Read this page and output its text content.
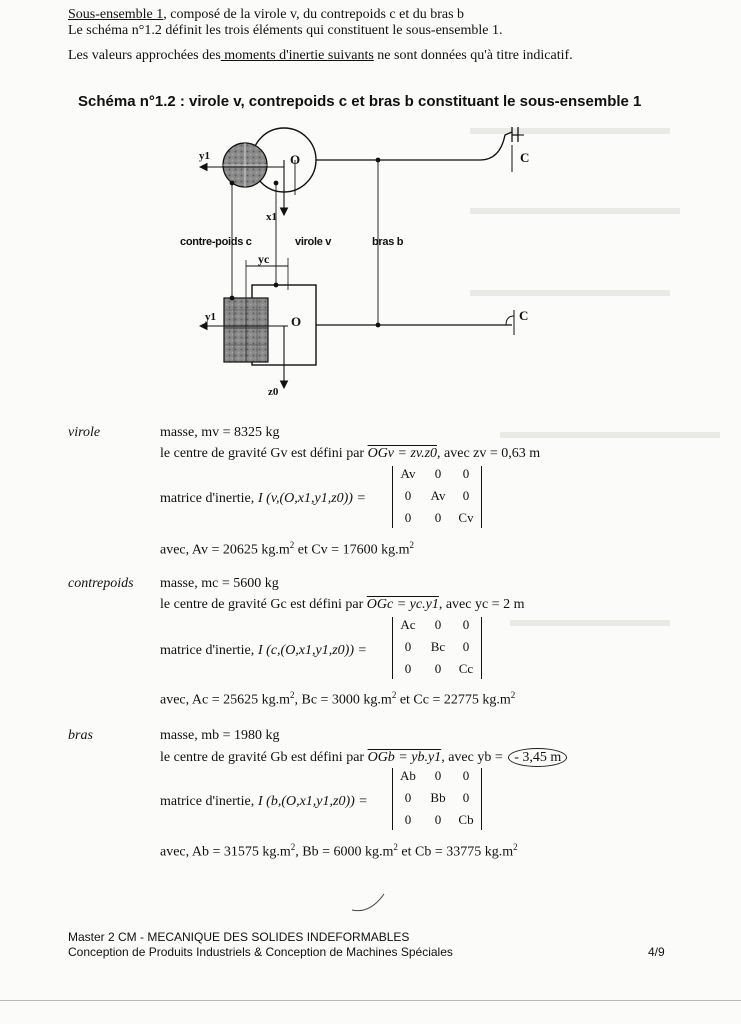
Sous-ensemble 1, composé de la virole v, du contrepoids c et du bras b
Le schéma n°1.2 définit les trois éléments qui constituent le sous-ensemble 1.
Les valeurs approchées des moments d'inertie suivants ne sont données qu'à titre indicatif.
Schéma n°1.2 : virole v, contrepoids c et bras b constituant le sous-ensemble 1
y1	O
x1
C
contre-poids c	virole v	bras b
yc
y1	O	C
z0
virole	masse, mv = 8325 kg
le centre de gravité Gv est défini par OGv = zv.z0, avec zv = 0,63 m
matrice d'inertie, I (v,(O,x1,y1,z0)) =
Av	0	0
0	Av	0
0	0	Cv
avec, Av = 20625 $kg.m^2$ et Cv = 17600 $kg.m^2$
contrepoids masse, mc = 5600 kg
le centre de gravité Gc est défini par OGc = yc.y1, avec yc = 2 m
matrice d'inertie, I (c,(O,x1,y1,z0)) =
Ac	0	0
0	Bc	0
0	0	Cc
avec, Ac = 25625 $kg.m^2$, Bc = 3000 $kg.m^2$ et Cc = 22775 $kg.m^2$
bras	masse, mb = 1980 kg
le centre de gravité Gb est défini par OGb = yb.y1, avec yb = - 3,45 m
matrice d'inertie, I (b,(O,x1,y1,z0)) =
Ab	0	0
0	Bb	0
0	0	Cb
avec, Ab = 31575 $kg.m^2$, Bb = 6000 $kg.m^2$ et Cb = 33775 $kg.m^2$
Master 2 CM - MECANIQUE DES SOLIDES INDEFORMABLES
Conception de Produits Industriels & Conception de Machines Spéciales	4/9
